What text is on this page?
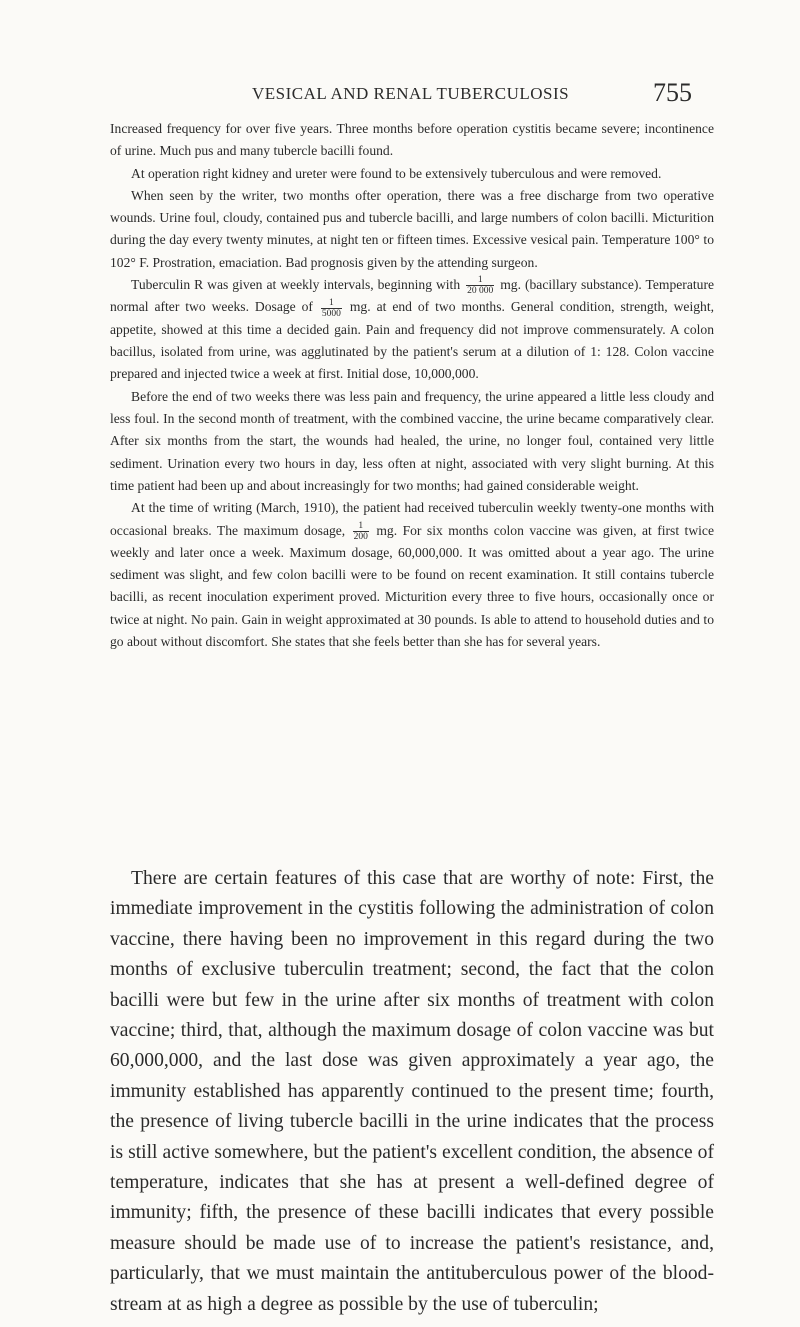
VESICAL AND RENAL TUBERCULOSIS	755

Increased frequency for over five years. Three months before operation cystitis became severe; incontinence of urine. Much pus and many tubercle bacilli found.

At operation right kidney and ureter were found to be extensively tuberculous and were removed.

When seen by the writer, two months ofter operation, there was a free discharge from two operative wounds. Urine foul, cloudy, contained pus and tubercle bacilli, and large numbers of colon bacilli. Micturition during the day every twenty minutes, at night ten or fifteen times. Excessive vesical pain. Temperature 100° to 102° F. Prostration, emaciation. Bad prognosis given by the attending surgeon.

Tuberculin R was given at weekly intervals, beginning with $\frac{1}{20 000}$ mg. (bacillary substance). Temperature normal after two weeks. Dosage of $\frac{1}{5000}$ mg. at end of two months. General condition, strength, weight, appetite, showed at this time a decided gain. Pain and frequency did not improve commensurately. A colon bacillus, isolated from urine, was agglutinated by the patient's serum at a dilution of 1: 128. Colon vaccine prepared and injected twice a week at first. Initial dose, 10,000,000.

Before the end of two weeks there was less pain and frequency, the urine appeared a little less cloudy and less foul. In the second month of treatment, with the combined vaccine, the urine became comparatively clear. After six months from the start, the wounds had healed, the urine, no longer foul, contained very little sediment. Urination every two hours in day, less often at night, associated with very slight burning. At this time patient had been up and about increasingly for two months; had gained considerable weight.

At the time of writing (March, 1910), the patient had received tuberculin weekly twenty-one months with occasional breaks. The maximum dosage, $\frac{1}{200}$ mg. For six months colon vaccine was given, at first twice weekly and later once a week. Maximum dosage, 60,000,000. It was omitted about a year ago. The urine sediment was slight, and few colon bacilli were to be found on recent examination. It still contains tubercle bacilli, as recent inoculation experiment proved. Micturition every three to five hours, occasionally once or twice at night. No pain. Gain in weight approximated at 30 pounds. Is able to attend to household duties and to go about without discomfort. She states that she feels better than she has for several years.

There are certain features of this case that are worthy of note: First, the immediate improvement in the cystitis following the administration of colon vaccine, there having been no improvement in this regard during the two months of exclusive tuberculin treatment; second, the fact that the colon bacilli were but few in the urine after six months of treatment with colon vaccine; third, that, although the maximum dosage of colon vaccine was but 60,000,000, and the last dose was given approximately a year ago, the immunity established has apparently continued to the present time; fourth, the presence of living tubercle bacilli in the urine indicates that the process is still active somewhere, but the patient's excellent condition, the absence of temperature, indicates that she has at present a well-defined degree of immunity; fifth, the presence of these bacilli indicates that every possible measure should be made use of to increase the patient's resistance, and, particularly, that we must maintain the antituberculous power of the blood-stream at as high a degree as possible by the use of tuberculin;
